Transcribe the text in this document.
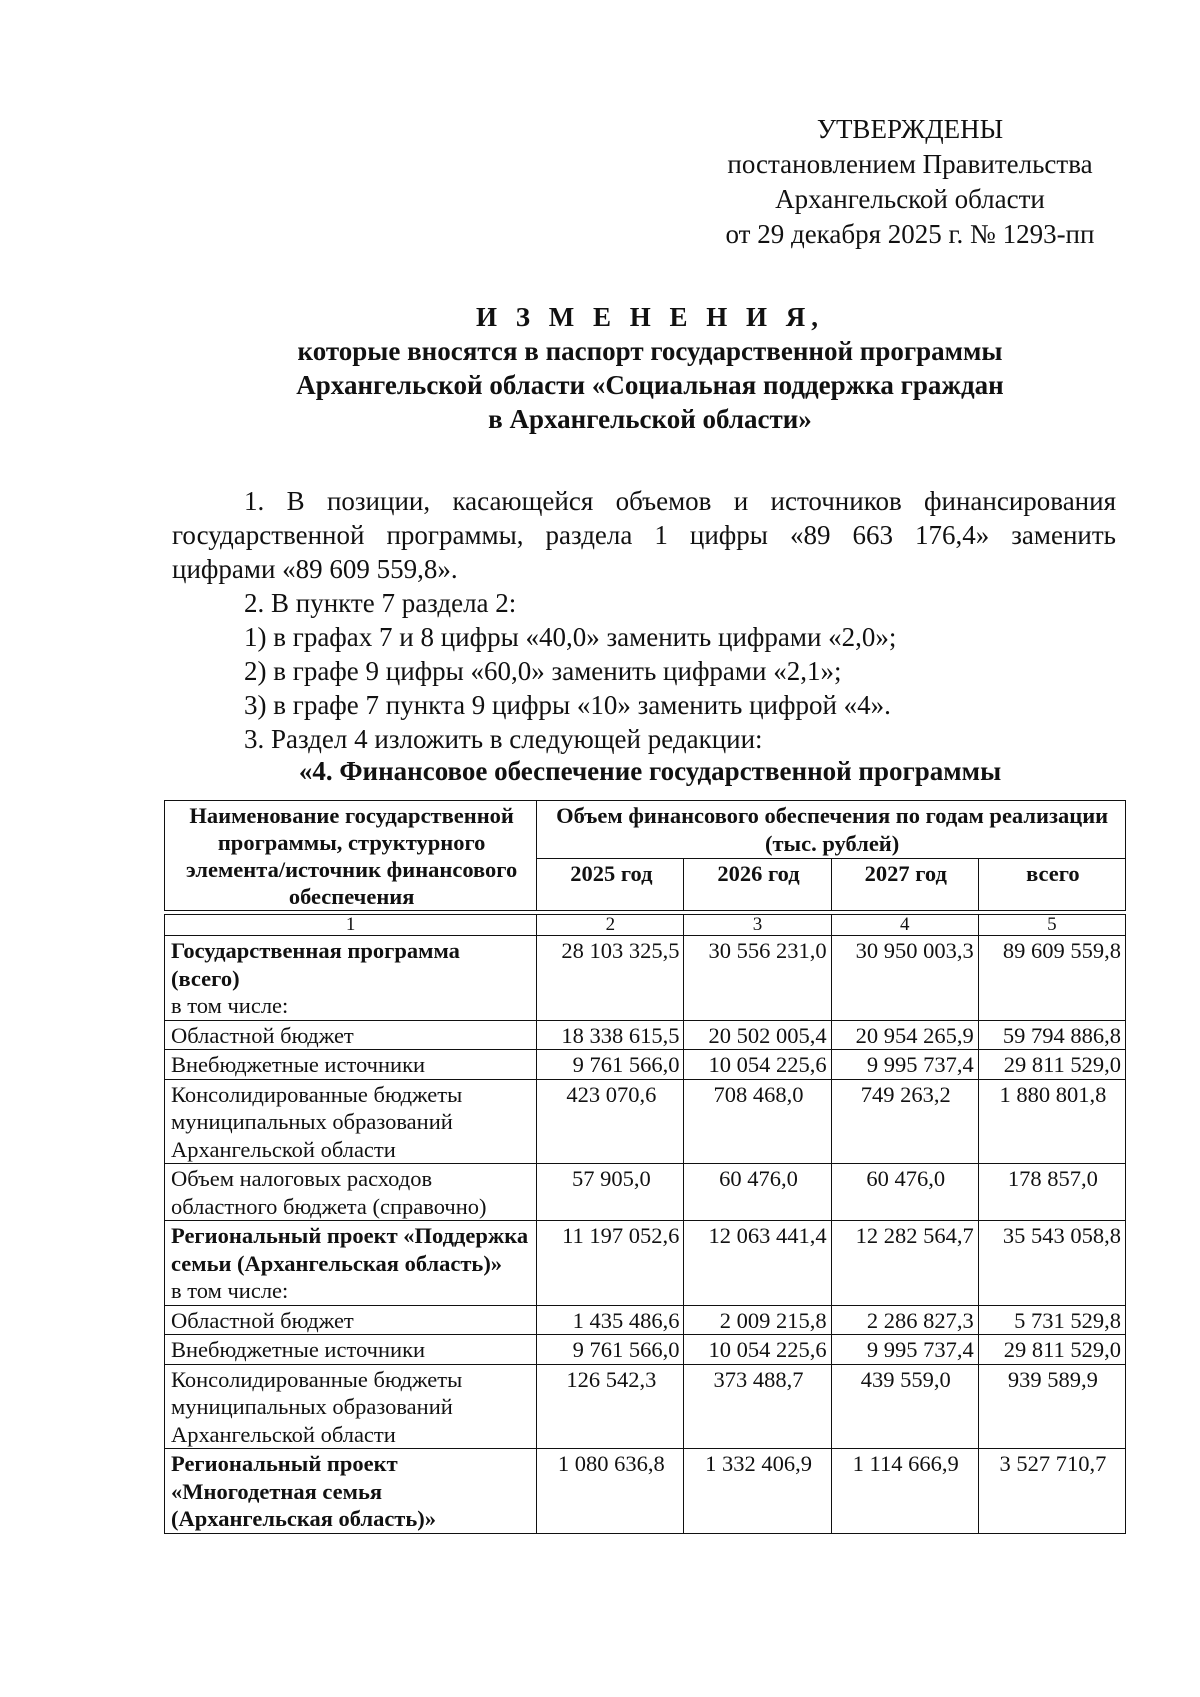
УТВЕРЖДЕНЫ
постановлением Правительства
Архангельской области
от 29 декабря 2025 г. № 1293-пп
И З М Е Н Е Н И Я,
которые вносятся в паспорт государственной программы
Архангельской области «Социальная поддержка граждан
в Архангельской области»
1. В позиции, касающейся объемов и источников финансирования
государственной программы, раздела 1 цифры «89 663 176,4» заменить
цифрами «89 609 559,8».
2. В пункте 7 раздела 2:
1) в графах 7 и 8 цифры «40,0» заменить цифрами «2,0»;
2) в графе 9 цифры «60,0» заменить цифрами «2,1»;
3) в графе 7 пункта 9 цифры «10» заменить цифрой «4».
3. Раздел 4 изложить в следующей редакции:
«4. Финансовое обеспечение государственной программы
Наименование государственной программы, структурного элемента/источник финансового обеспечения	Объем финансового обеспечения по годам реализации (тыс. рублей)			
	2025 год	2026 год	2027 год	всего

1	2	3	4	5

Государственная программа (всего)
в том числе:	28 103 325,5	30 556 231,0	30 950 003,3	89 609 559,8

Областной бюджет	18 338 615,5	20 502 005,4	20 954 265,9	59 794 886,8

Внебюджетные источники	9 761 566,0	10 054 225,6	9 995 737,4	29 811 529,0

Консолидированные бюджеты муниципальных образований Архангельской области	423 070,6	708 468,0	749 263,2	1 880 801,8

Объем налоговых расходов областного бюджета (справочно)	57 905,0	60 476,0	60 476,0	178 857,0

Региональный проект «Поддержка семьи (Архангельская область)»
в том числе:	11 197 052,6	12 063 441,4	12 282 564,7	35 543 058,8

Областной бюджет	1 435 486,6	2 009 215,8	2 286 827,3	5 731 529,8

Внебюджетные источники	9 761 566,0	10 054 225,6	9 995 737,4	29 811 529,0

Консолидированные бюджеты муниципальных образований Архангельской области	126 542,3	373 488,7	439 559,0	939 589,9

Региональный проект «Многодетная семья (Архангельская область)»	1 080 636,8	1 332 406,9	1 114 666,9	3 527 710,7
